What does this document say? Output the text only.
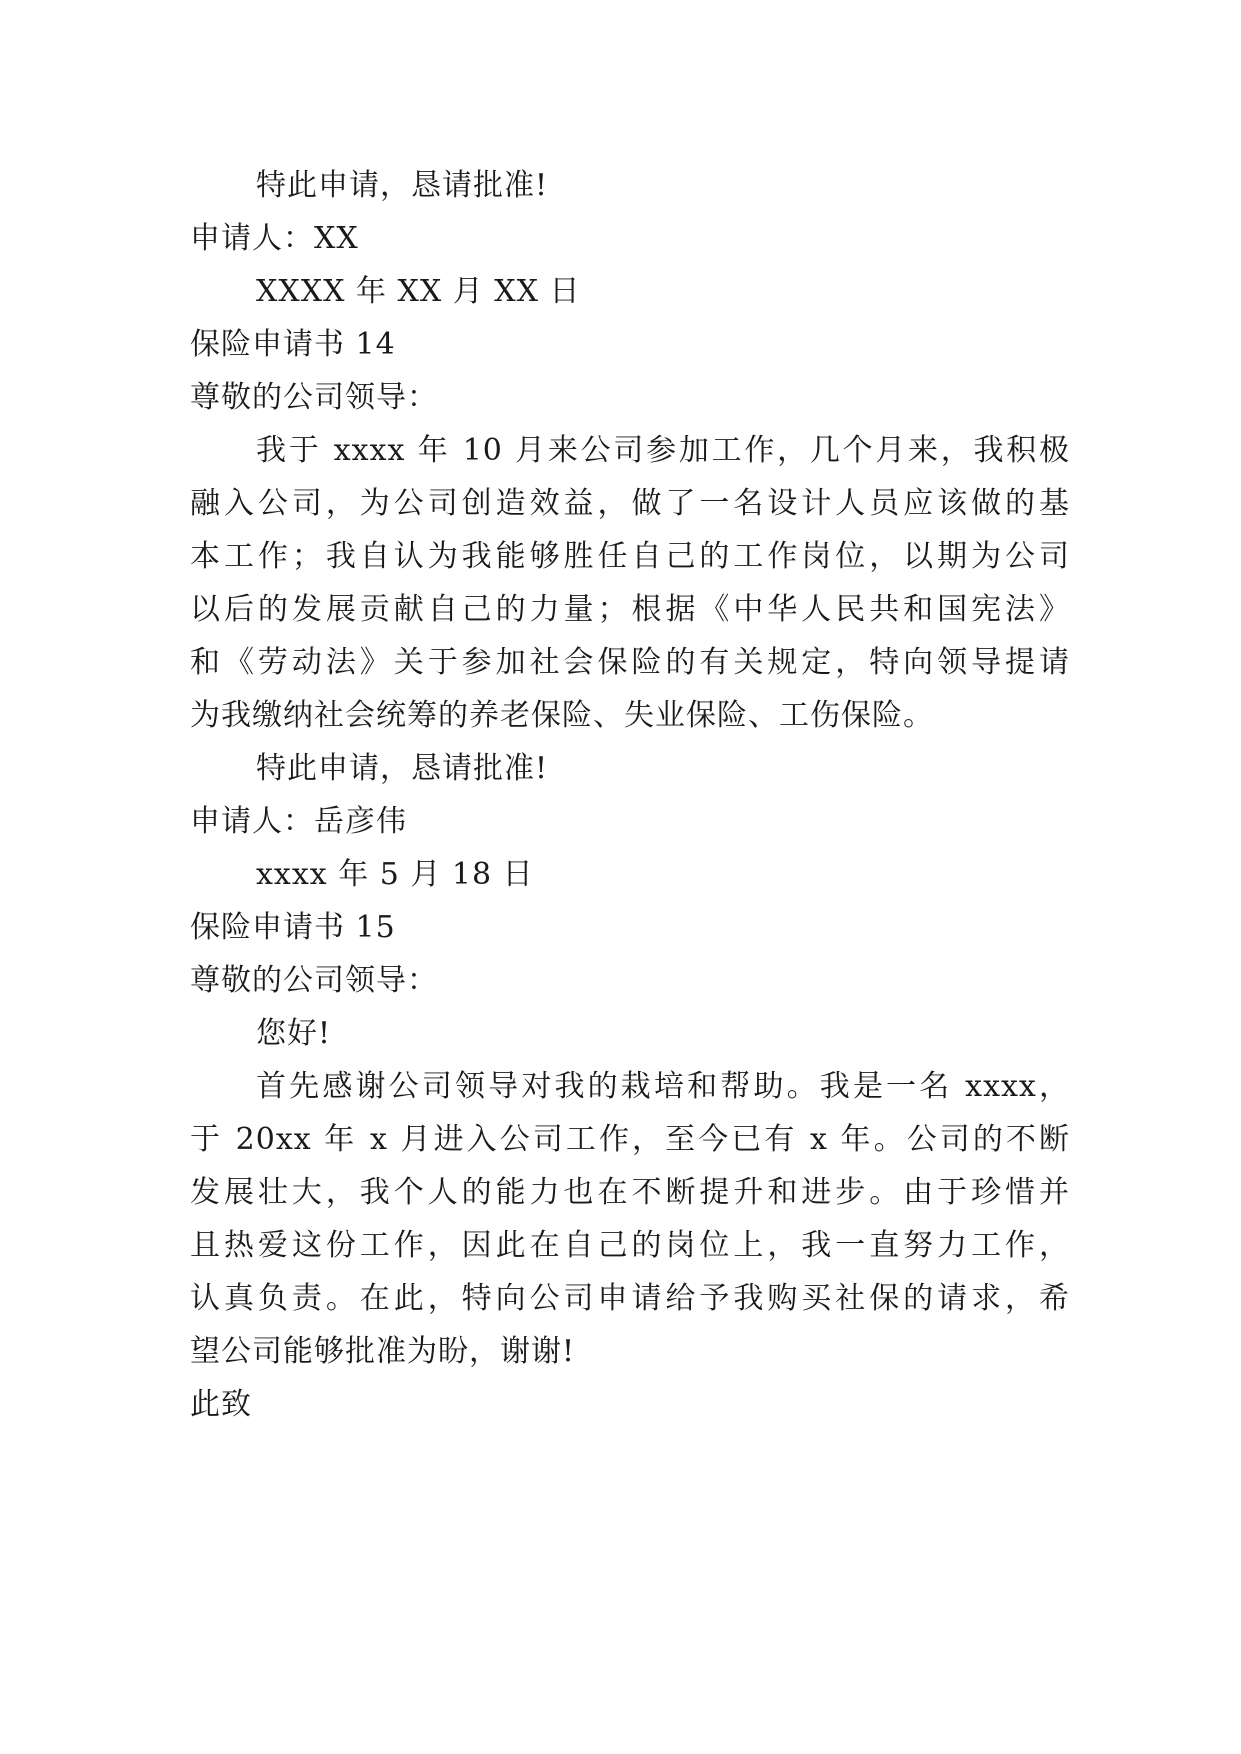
特此申请，恳请批准!
申请人：XX
XXXX 年 XX 月 XX 日
保险申请书 14
尊敬的公司领导：
我于 xxxx 年 10 月来公司参加工作，几个月来，我积极
融入公司，为公司创造效益，做了一名设计人员应该做的基
本工作；我自认为我能够胜任自己的工作岗位，以期为公司
以后的发展贡献自己的力量；根据《中华人民共和国宪法》
和《劳动法》关于参加社会保险的有关规定，特向领导提请
为我缴纳社会统筹的养老保险、失业保险、工伤保险。
特此申请，恳请批准!
申请人：岳彦伟
xxxx 年 5 月 18 日
保险申请书 15
尊敬的公司领导：
您好!
首先感谢公司领导对我的栽培和帮助。我是一名 xxxx，
于 20xx 年 x 月进入公司工作，至今已有 x 年。公司的不断
发展壮大，我个人的能力也在不断提升和进步。由于珍惜并
且热爱这份工作，因此在自己的岗位上，我一直努力工作，
认真负责。在此，特向公司申请给予我购买社保的请求，希
望公司能够批准为盼，谢谢!
此致
